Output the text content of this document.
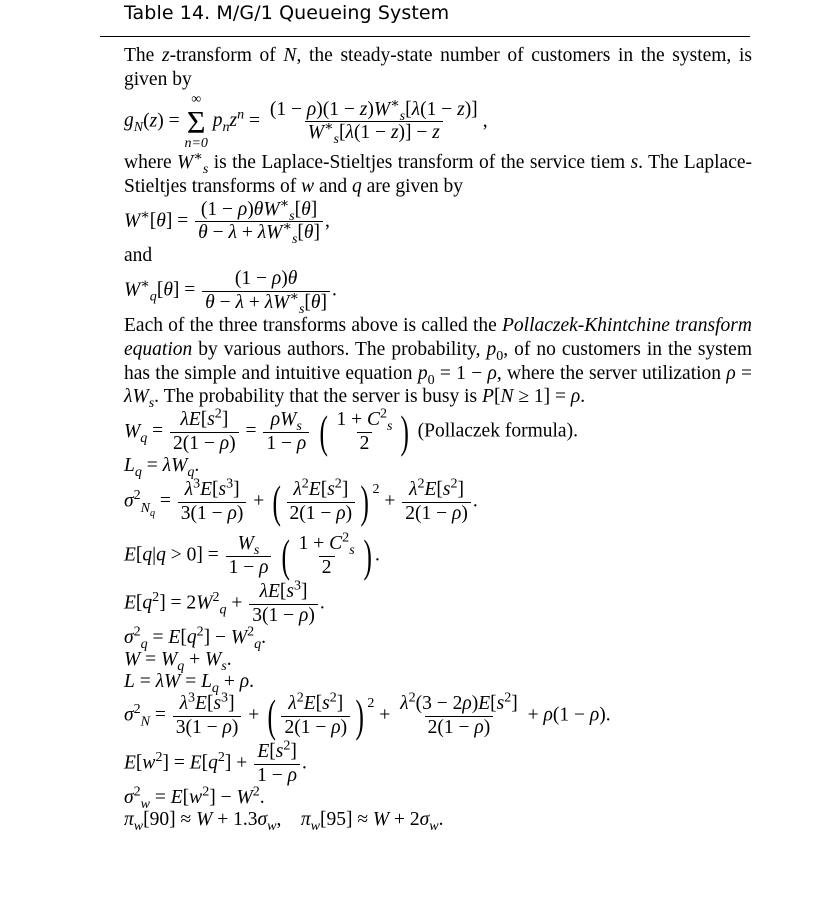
Table 14. M/G/1 Queueing System

The z-transform of N, the steady-state number of customers in the system, is given by

$g_N(z)$ =
∞
Σ
n=0
$p_nz^n = \frac{(1 - \rho)(1 - z)W^∗_s[\lambda(1 - z)]}{W^∗_s[\lambda(1 - z)] - z}$ ,

where $W^∗_s$ is the Laplace-Stieltjes transform of the service tiem s. The Laplace-Stieltjes transforms of w and q are given by

$W^∗[\theta] = \frac{(1 - \rho)\theta W^∗_s[\theta]}{\theta - \lambda + \lambda W^∗_s[\theta]}$ ,

and

$W^∗_q[\theta] = \frac{(1 - \rho)\theta}{\theta - \lambda + \lambda W^∗_s[\theta]}$ .

Each of the three transforms above is called the Pollaczek-Khintchine transform equation by various authors. The probability, $p_0$, of no customers in the system has the simple and intuitive equation $p_0 = 1 - \rho$, where the server utilization $\rho = \lambda W_s$. The probability that the server is busy is P[N ≥ 1] = ρ.

$W_q = \frac{\lambda E[s^2]}{2(1 - \rho)} = \frac{\rho W_s}{1 - \rho}$ ( $\frac{1 + C^2_s}{2}$ ) (Pollaczek formula).
$L_q = \lambda W_q$.
$\sigma^2_{N_q} = \frac{\lambda^3E[s^3]}{3(1 - \rho)}$ + ( $\frac{\lambda^2E[s^2]}{2(1 - \rho)}$ ) $^2 + \frac{\lambda^2E[s^2]}{2(1 - \rho)}$ .
$E[q|q > 0] = \frac{W_s}{1 - \rho}$ ( $\frac{1 + C^2_s}{2}$ ) .
$E[q^2] = 2W^2_q + \frac{\lambda E[s^3]}{3(1 - \rho)}$ .
$\sigma^2_q = E[q^2] - W^2_q$.
$W = W_q + W_s$.
$L = \lambda W = L_q + \rho$.
$\sigma^2_N = \frac{\lambda^3E[s^3]}{3(1 - \rho)}$ + ( $\frac{\lambda^2E[s^2]}{2(1 - \rho)}$ ) $^2 + \frac{\lambda^2(3 - 2\rho)E[s^2]}{2(1 - \rho)} + \rho(1 - \rho)$.
$E[w^2] = E[q^2] + \frac{E[s^2]}{1 - \rho}$ .
$\sigma^2_w = E[w^2] - W^2$.
$\pi_w[90] \approx W + 1.3\sigma_w$,    $\pi_w[95] \approx W + 2\sigma_w$.
